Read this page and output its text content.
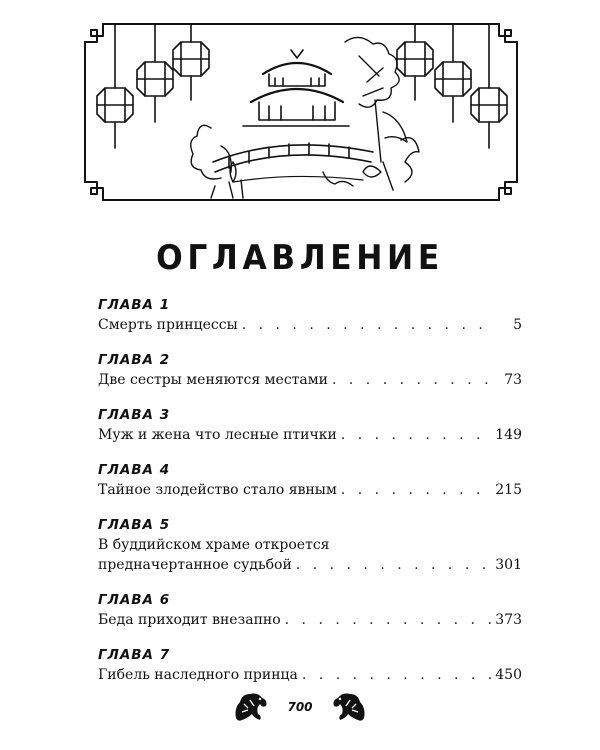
ОГЛАВЛЕНИЕ
ГЛАВА 1
Смерть принцессы . . .	5
ГЛАВА 2
Две сестры меняются местами . . .	73
ГЛАВА 3
Муж и жена что лесные птички . . .	149
ГЛАВА 4
Тайное злодейство стало явным . . .	215
ГЛАВА 5
В буддийском храме откроется
предначертанное судьбой . . .	301
ГЛАВА 6
Беда приходит внезапно . . .	373
ГЛАВА 7
Гибель наследного принца . . .	450
700
